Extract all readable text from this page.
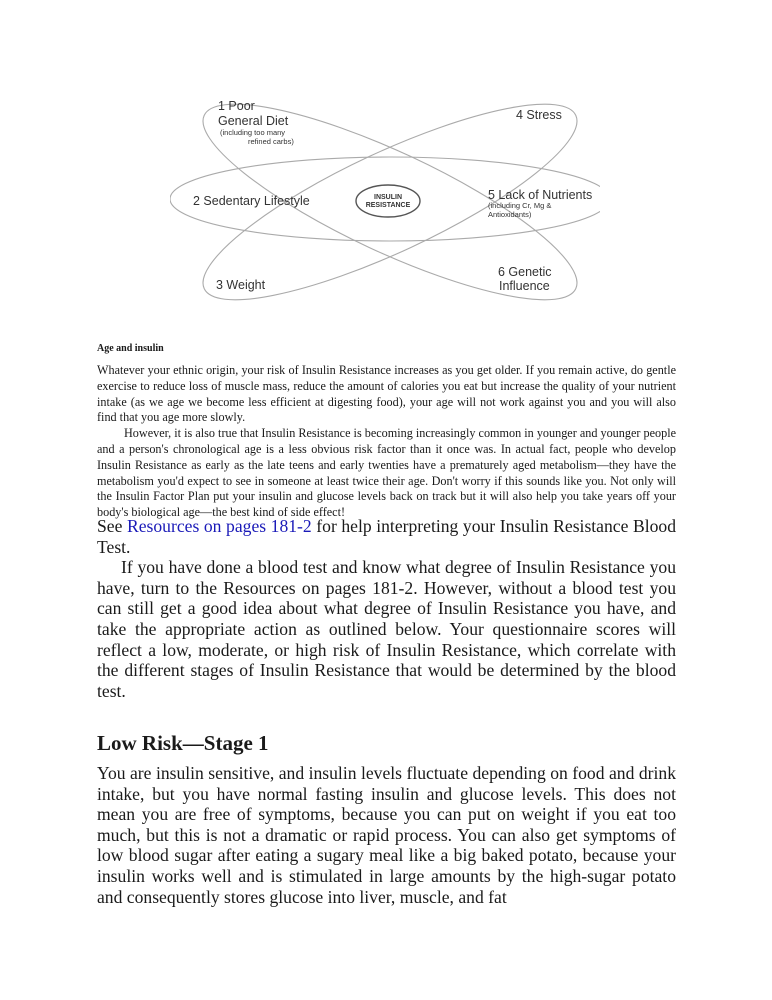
INSULIN
RESISTANCE
1 Poor
General Diet
(including too many
refined carbs)
4 Stress
2 Sedentary Lifestyle	5 Lack of Nutrients
(including Cr, Mg &
Antioxidants)
3 Weight
6 Genetic
Influence
Age and insulin

Whatever your ethnic origin, your risk of Insulin Resistance increases as you get older. If you remain active, do gentle exercise to reduce loss of muscle mass, reduce the amount of calories you eat but increase the quality of your nutrient intake (as we age we become less efficient at digesting food), your age will not work against you and you will also find that you age more slowly.

However, it is also true that Insulin Resistance is becoming increasingly common in younger and younger people and a person's chronological age is a less obvious risk factor than it once was. In actual fact, people who develop Insulin Resistance as early as the late teens and early twenties have a prematurely aged metabolism—they have the metabolism you'd expect to see in someone at least twice their age. Don't worry if this sounds like you. Not only will the Insulin Factor Plan put your insulin and glucose levels back on track but it will also help you take years off your body's biological age—the best kind of side effect!

See Resources on pages 181-2 for help interpreting your Insulin Resistance Blood Test.

If you have done a blood test and know what degree of Insulin Resistance you have, turn to the Resources on pages 181-2. However, without a blood test you can still get a good idea about what degree of Insulin Resistance you have, and take the appropriate action as outlined below. Your questionnaire scores will reflect a low, moderate, or high risk of Insulin Resistance, which correlate with the different stages of Insulin Resistance that would be determined by the blood test.

Low Risk—Stage 1

You are insulin sensitive, and insulin levels fluctuate depending on food and drink intake, but you have normal fasting insulin and glucose levels. This does not mean you are free of symptoms, because you can put on weight if you eat too much, but this is not a dramatic or rapid process. You can also get symptoms of low blood sugar after eating a sugary meal like a big baked potato, because your insulin works well and is stimulated in large amounts by the high-sugar potato and consequently stores glucose into liver, muscle, and fat
